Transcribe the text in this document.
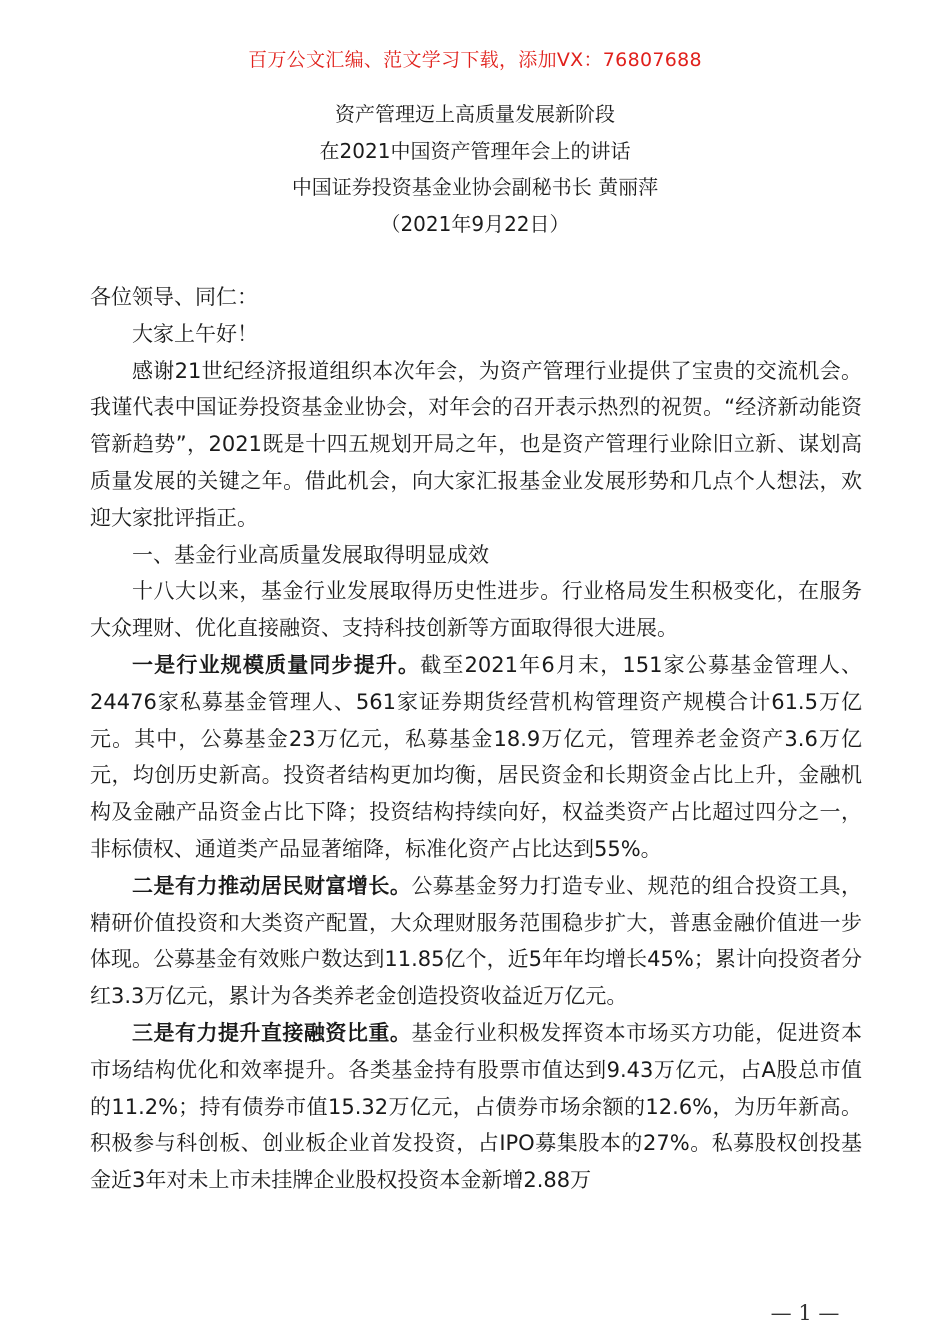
百万公文汇编、范文学习下载，添加VX：76807688
资产管理迈上高质量发展新阶段
在2021中国资产管理年会上的讲话
中国证券投资基金业协会副秘书长 黄丽萍
（2021年9月22日）

各位领导、同仁：

大家上午好！

感谢21世纪经济报道组织本次年会，为资产管理行业提供了宝贵的交流机会。我谨代表中国证券投资基金业协会，对年会的召开表示热烈的祝贺。“经济新动能资管新趋势”，2021既是十四五规划开局之年，也是资产管理行业除旧立新、谋划高质量发展的关键之年。借此机会，向大家汇报基金业发展形势和几点个人想法，欢迎大家批评指正。

一、基金行业高质量发展取得明显成效

十八大以来，基金行业发展取得历史性进步。行业格局发生积极变化，在服务大众理财、优化直接融资、支持科技创新等方面取得很大进展。

一是行业规模质量同步提升。截至2021年6月末，151家公募基金管理人、24476家私募基金管理人、561家证券期货经营机构管理资产规模合计61.5万亿元。其中，公募基金23万亿元，私募基金18.9万亿元，管理养老金资产3.6万亿元，均创历史新高。投资者结构更加均衡，居民资金和长期资金占比上升，金融机构及金融产品资金占比下降；投资结构持续向好，权益类资产占比超过四分之一，非标债权、通道类产品显著缩降，标准化资产占比达到55%。

二是有力推动居民财富增长。公募基金努力打造专业、规范的组合投资工具，精研价值投资和大类资产配置，大众理财服务范围稳步扩大，普惠金融价值进一步体现。公募基金有效账户数达到11.85亿个，近5年年均增长45%；累计向投资者分红3.3万亿元，累计为各类养老金创造投资收益近万亿元。

三是有力提升直接融资比重。基金行业积极发挥资本市场买方功能，促进资本市场结构优化和效率提升。各类基金持有股票市值达到9.43万亿元，占A股总市值的11.2%；持有债券市值15.32万亿元，占债券市场余额的12.6%，为历年新高。积极参与科创板、创业板企业首发投资，占IPO募集股本的27%。私募股权创投基金近3年对未上市未挂牌企业股权投资本金新增2.88万

— 1 —
